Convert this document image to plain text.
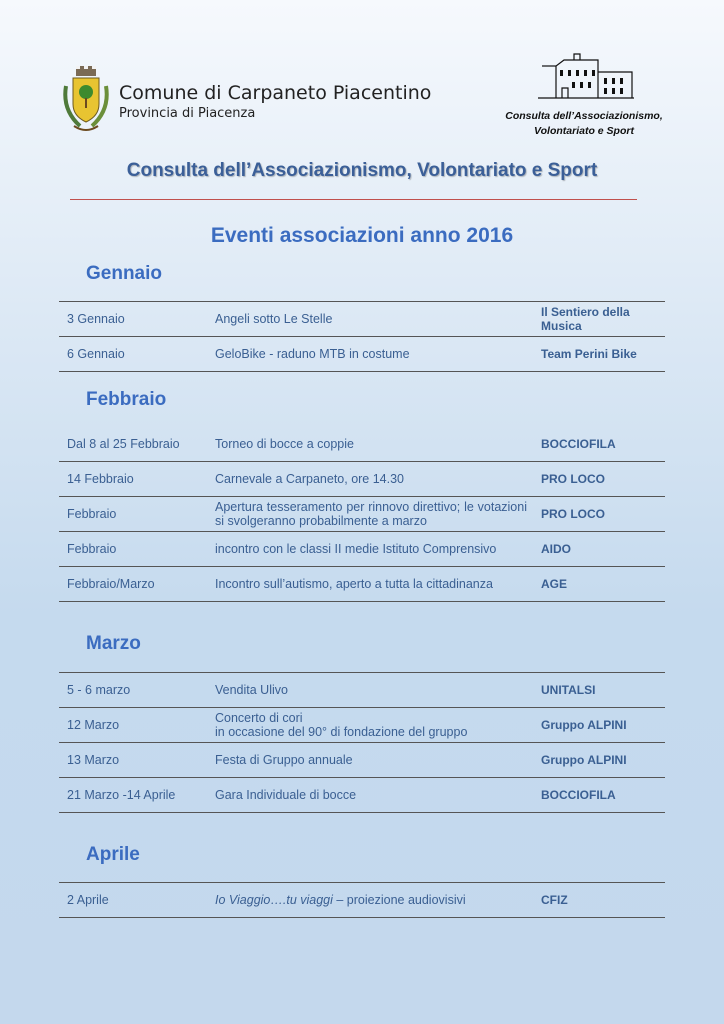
Comune di Carpaneto Piacentino
Provincia di Piacenza	Consulta dell’Associazionismo,
Volontariato e Sport
Consulta dell’Associazionismo, Volontariato e Sport
Eventi associazioni anno 2016
Gennaio
3 Gennaio	Angeli sotto Le Stelle	Il Sentiero della Musica
6 Gennaio	GeloBike - raduno MTB in costume	Team Perini Bike
Febbraio
Dal 8 al 25 Febbraio	Torneo di bocce a coppie	BOCCIOFILA
14 Febbraio	Carnevale a Carpaneto, ore 14.30	PRO LOCO
Febbraio	Apertura tesseramento per rinnovo direttivo; le votazioni si svolgeranno probabilmente a marzo	PRO LOCO
Febbraio	incontro con le classi II medie Istituto Comprensivo	AIDO
Febbraio/Marzo	Incontro sull’autismo, aperto a tutta la cittadinanza	AGE
Marzo
5 - 6 marzo	Vendita Ulivo	UNITALSI
12 Marzo	Concerto di cori
in occasione del 90° di fondazione del gruppo	Gruppo ALPINI
13 Marzo	Festa di Gruppo annuale	Gruppo ALPINI
21 Marzo -14 Aprile	Gara Individuale di bocce	BOCCIOFILA
Aprile
2 Aprile	Io Viaggio….tu viaggi – proiezione audiovisivi	CFIZ
